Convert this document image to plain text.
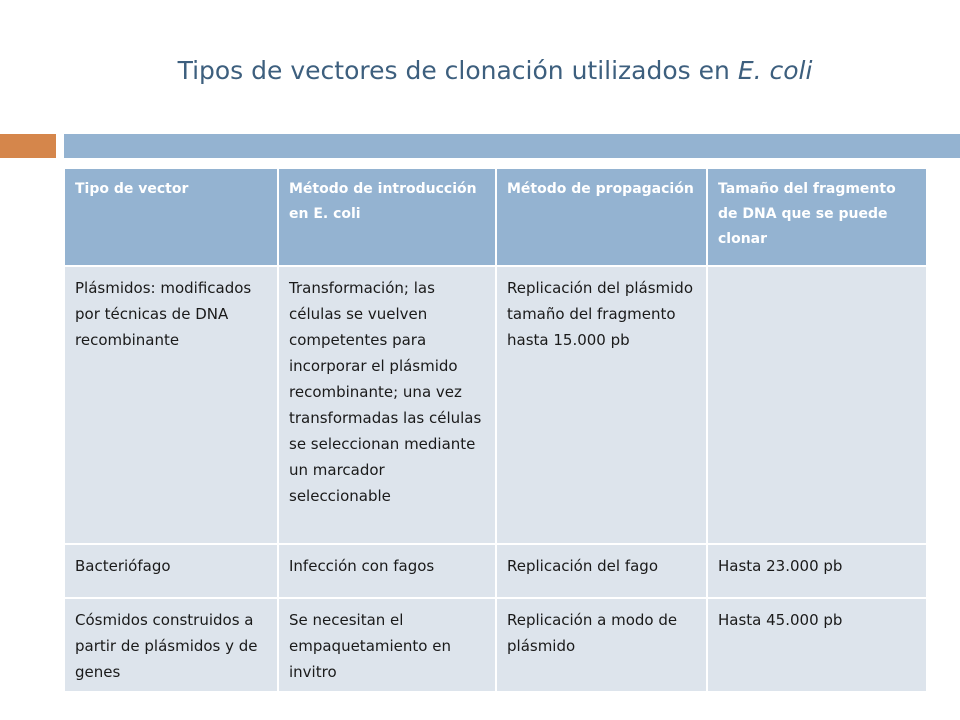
Tipos de vectores de clonación utilizados en E. coli
Tipo de vector	Método de introducción en E. coli	Método de propagación	Tamaño del fragmento de DNA que se puede clonar
Plásmidos: modificados por técnicas de DNA recombinante	Transformación; las células se vuelven competentes para incorporar el plásmido recombinante; una vez transformadas las células se seleccionan mediante un marcador seleccionable	Replicación del plásmido tamaño del fragmento hasta 15.000 pb	
Bacteriófago	Infección con fagos	Replicación del fago	Hasta 23.000 pb
Cósmidos construidos a partir de plásmidos y de genes	Se necesitan el empaquetamiento en invitro	Replicación a modo de plásmido	Hasta 45.000 pb
